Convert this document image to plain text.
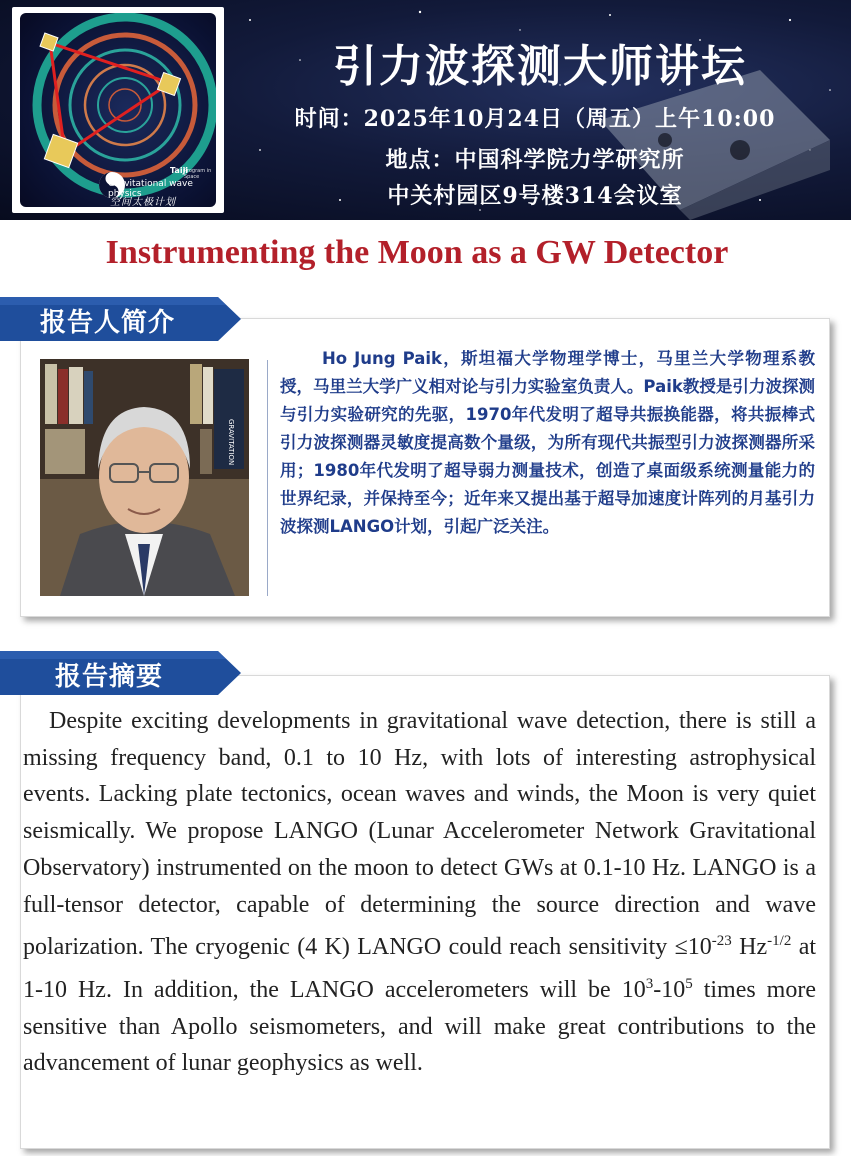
Taiji
Program in Space
Gravitational wave physics
空间太极计划
引力波探测大师讲坛
时间：2025年10月24日（周五）上午10:00
地点：中国科学院力学研究所
中关村园区9号楼314会议室
Instrumenting the Moon as a GW Detector
报告人简介
GRAVITATION
Ho Jung Paik，斯坦福大学物理学博士，马里兰大学物理系教授，马里兰大学广义相对论与引力实验室负责人。Paik教授是引力波探测与引力实验研究的先驱，1970年代发明了超导共振换能器，将共振棒式引力波探测器灵敏度提高数个量级，为所有现代共振型引力波探测器所采用；1980年代发明了超导弱力测量技术，创造了桌面级系统测量能力的世界纪录，并保持至今；近年来又提出基于超导加速度计阵列的月基引力波探测LANGO计划，引起广泛关注。
报告摘要
Despite exciting developments in gravitational wave detection, there is still a missing frequency band, 0.1 to 10 Hz, with lots of interesting astrophysical events. Lacking plate tectonics, ocean waves and winds, the Moon is very quiet seismically. We propose LANGO (Lunar Accelerometer Network Gravitational Observatory) instrumented on the moon to detect GWs at 0.1-10 Hz. LANGO is a full-tensor detector, capable of determining the source direction and wave polarization. The cryogenic (4 K) LANGO could reach sensitivity $\le 10^{-23}$ $Hz^{-1/2}$ at 1-10 Hz. In addition, the LANGO accelerometers will be $10^3-10^5$ times more sensitive than Apollo seismometers, and will make great contributions to the advancement of lunar geophysics as well.
